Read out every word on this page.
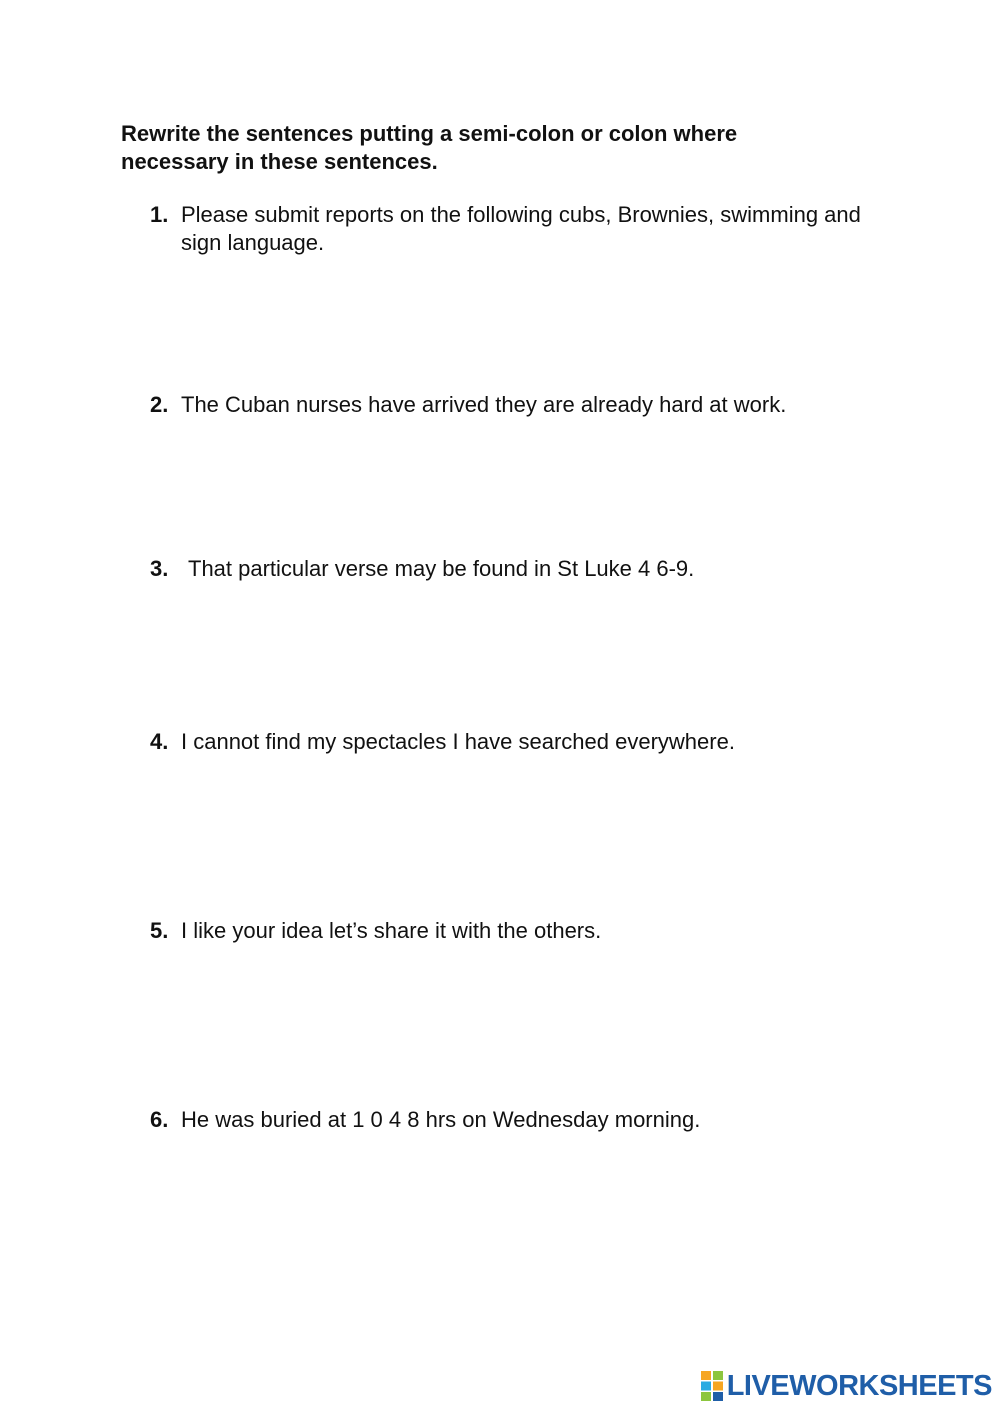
Rewrite the sentences putting a semi-colon or colon where necessary in these sentences.

1. Please submit reports on the following cubs, Brownies, swimming and sign language.
2. The Cuban nurses have arrived they are already hard at work.
3. That particular verse may be found in St Luke 4 6-9.
4. I cannot find my spectacles I have searched everywhere.
5. I like your idea let’s share it with the others.
6. He was buried at 1 0 4 8 hrs on Wednesday morning.
LIVEWORKSHEETS
